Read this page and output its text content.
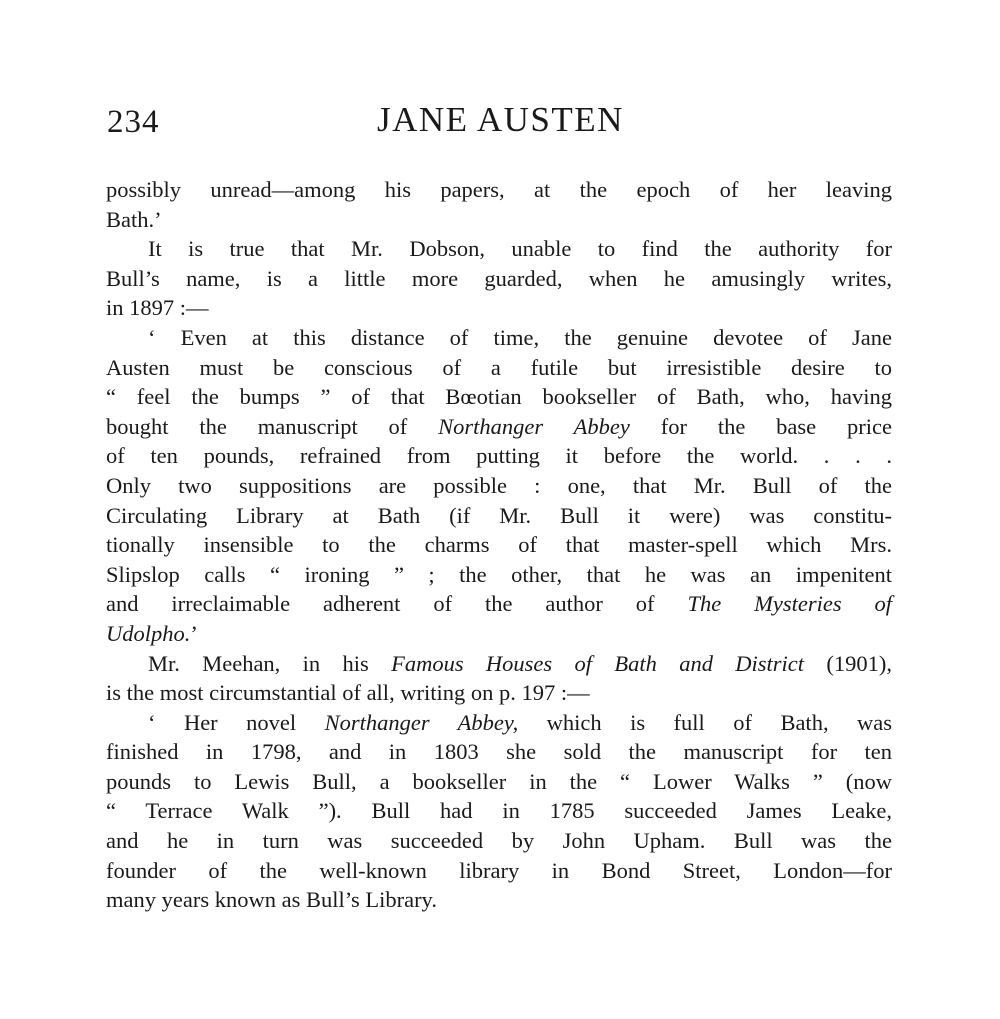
234	JANE AUSTEN
possibly unread—among his papers, at the epoch of her leaving
Bath.’
It is true that Mr. Dobson, unable to find the authority for
Bull’s name, is a little more guarded, when he amusingly writes,
in 1897 :—
‘ Even at this distance of time, the genuine devotee of Jane
Austen must be conscious of a futile but irresistible desire to
“ feel the bumps ” of that Bœotian bookseller of Bath, who, having
bought the manuscript of Northanger Abbey for the base price
of ten pounds, refrained from putting it before the world. . . .
Only two suppositions are possible : one, that Mr. Bull of the
Circulating Library at Bath (if Mr. Bull it were) was constitu-
tionally insensible to the charms of that master-spell which Mrs.
Slipslop calls “ ironing ” ; the other, that he was an impenitent
and irreclaimable adherent of the author of The Mysteries of
Udolpho.’
Mr. Meehan, in his Famous Houses of Bath and District (1901),
is the most circumstantial of all, writing on p. 197 :—
‘ Her novel Northanger Abbey, which is full of Bath, was
finished in 1798, and in 1803 she sold the manuscript for ten
pounds to Lewis Bull, a bookseller in the “ Lower Walks ” (now
“ Terrace Walk ”). Bull had in 1785 succeeded James Leake,
and he in turn was succeeded by John Upham. Bull was the
founder of the well-known library in Bond Street, London—for
many years known as Bull’s Library.
